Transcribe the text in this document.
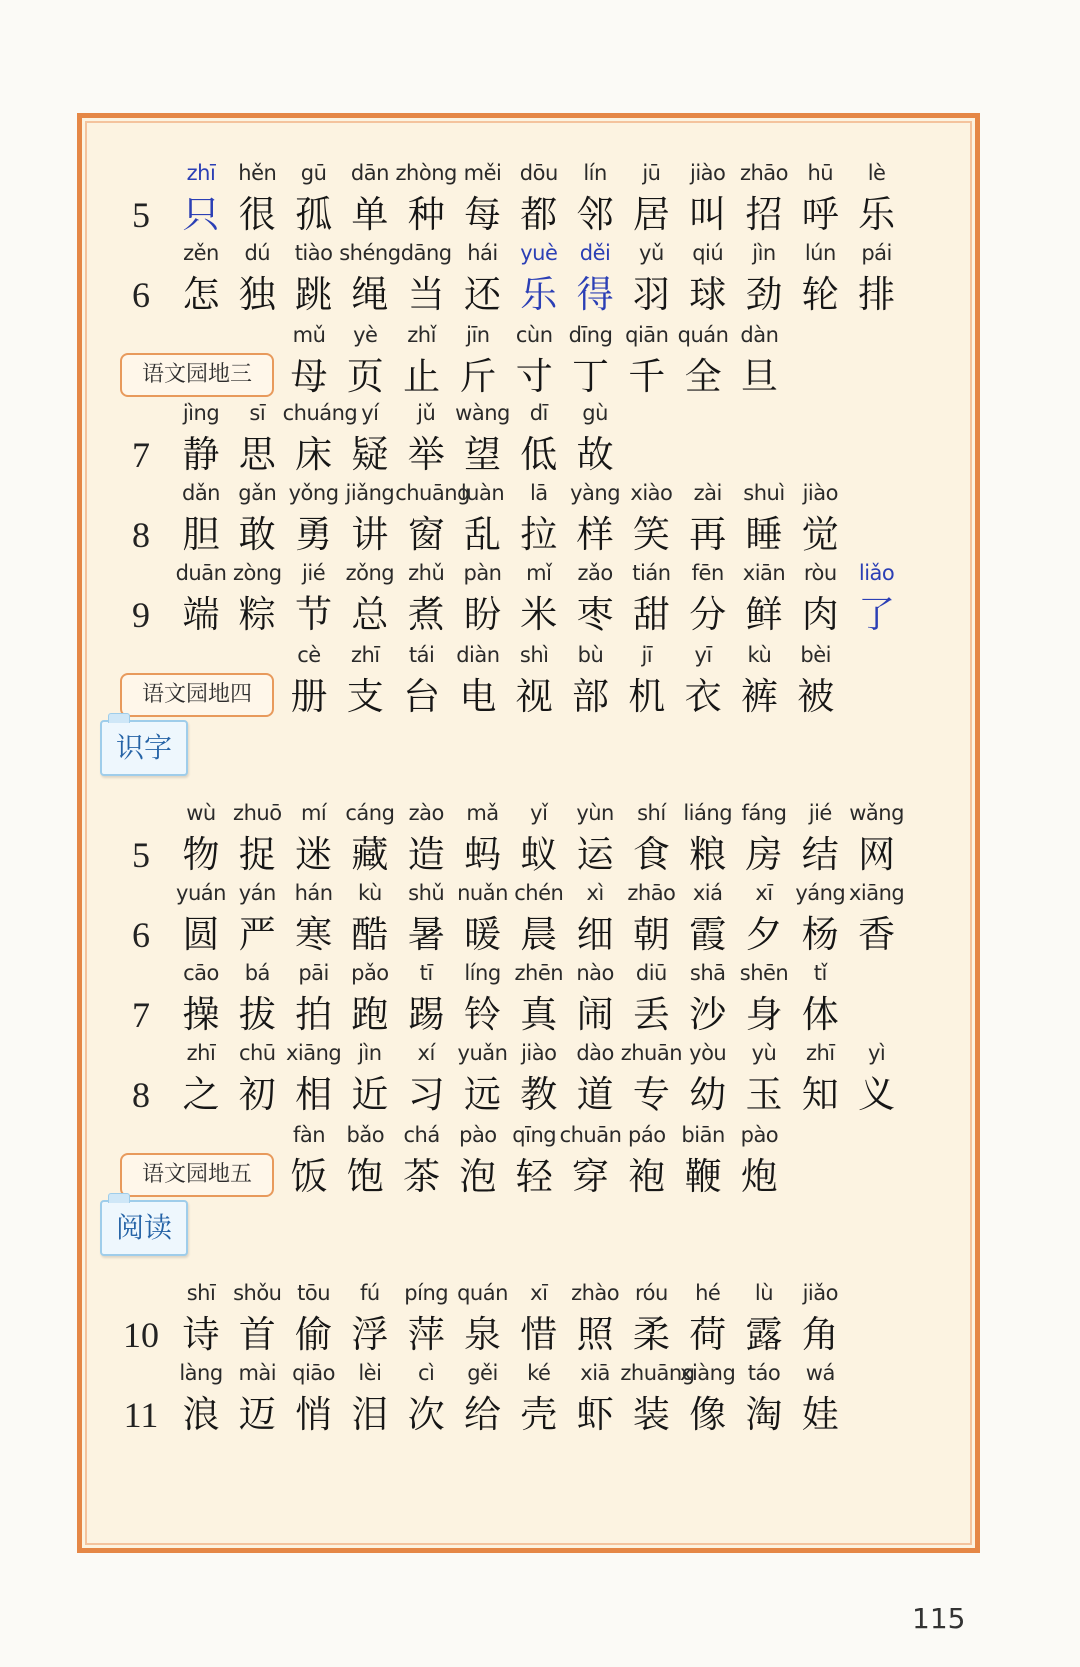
5
zhī
只
hěn
很
gū
孤
dān
单
zhòng
种
měi
每
dōu
都
lín
邻
jū
居
jiào
叫
zhāo
招
hū
呼
lè
乐
6
zěn
怎
dú
独
tiào
跳
shéng
绳
dāng
当
hái
还
yuè
乐
děi
得
yǔ
羽
qiú
球
jìn
劲
lún
轮
pái
排
语文园地三
mǔ
母
yè
页
zhǐ
止
jīn
斤
cùn
寸
dīng
丁
qiān
千
quán
全
dàn
旦
7
jìng
静
sī
思
chuáng
床
yí
疑
jǔ
举
wàng
望
dī
低
gù
故
8
dǎn
胆
gǎn
敢
yǒng
勇
jiǎng
讲
chuāng
窗
luàn
乱
lā
拉
yàng
样
xiào
笑
zài
再
shuì
睡
jiào
觉
9
duān
端
zòng
粽
jié
节
zǒng
总
zhǔ
煮
pàn
盼
mǐ
米
zǎo
枣
tián
甜
fēn
分
xiān
鲜
ròu
肉
liǎo
了
语文园地四
cè
册
zhī
支
tái
台
diàn
电
shì
视
bù
部
jī
机
yī
衣
kù
裤
bèi
被
识字
5
wù
物
zhuō
捉
mí
迷
cáng
藏
zào
造
mǎ
蚂
yǐ
蚁
yùn
运
shí
食
liáng
粮
fáng
房
jié
结
wǎng
网
6
yuán
圆
yán
严
hán
寒
kù
酷
shǔ
暑
nuǎn
暖
chén
晨
xì
细
zhāo
朝
xiá
霞
xī
夕
yáng
杨
xiāng
香
7
cāo
操
bá
拔
pāi
拍
pǎo
跑
tī
踢
líng
铃
zhēn
真
nào
闹
diū
丢
shā
沙
shēn
身
tǐ
体
8
zhī
之
chū
初
xiāng
相
jìn
近
xí
习
yuǎn
远
jiào
教
dào
道
zhuān
专
yòu
幼
yù
玉
zhī
知
yì
义
语文园地五
fàn
饭
bǎo
饱
chá
茶
pào
泡
qīng
轻
chuān
穿
páo
袍
biān
鞭
pào
炮
阅读
10
shī
诗
shǒu
首
tōu
偷
fú
浮
píng
萍
quán
泉
xī
惜
zhào
照
róu
柔
hé
荷
lù
露
jiǎo
角
11
làng
浪
mài
迈
qiāo
悄
lèi
泪
cì
次
gěi
给
ké
壳
xiā
虾
zhuāng
装
xiàng
像
táo
淘
wá
娃
115
